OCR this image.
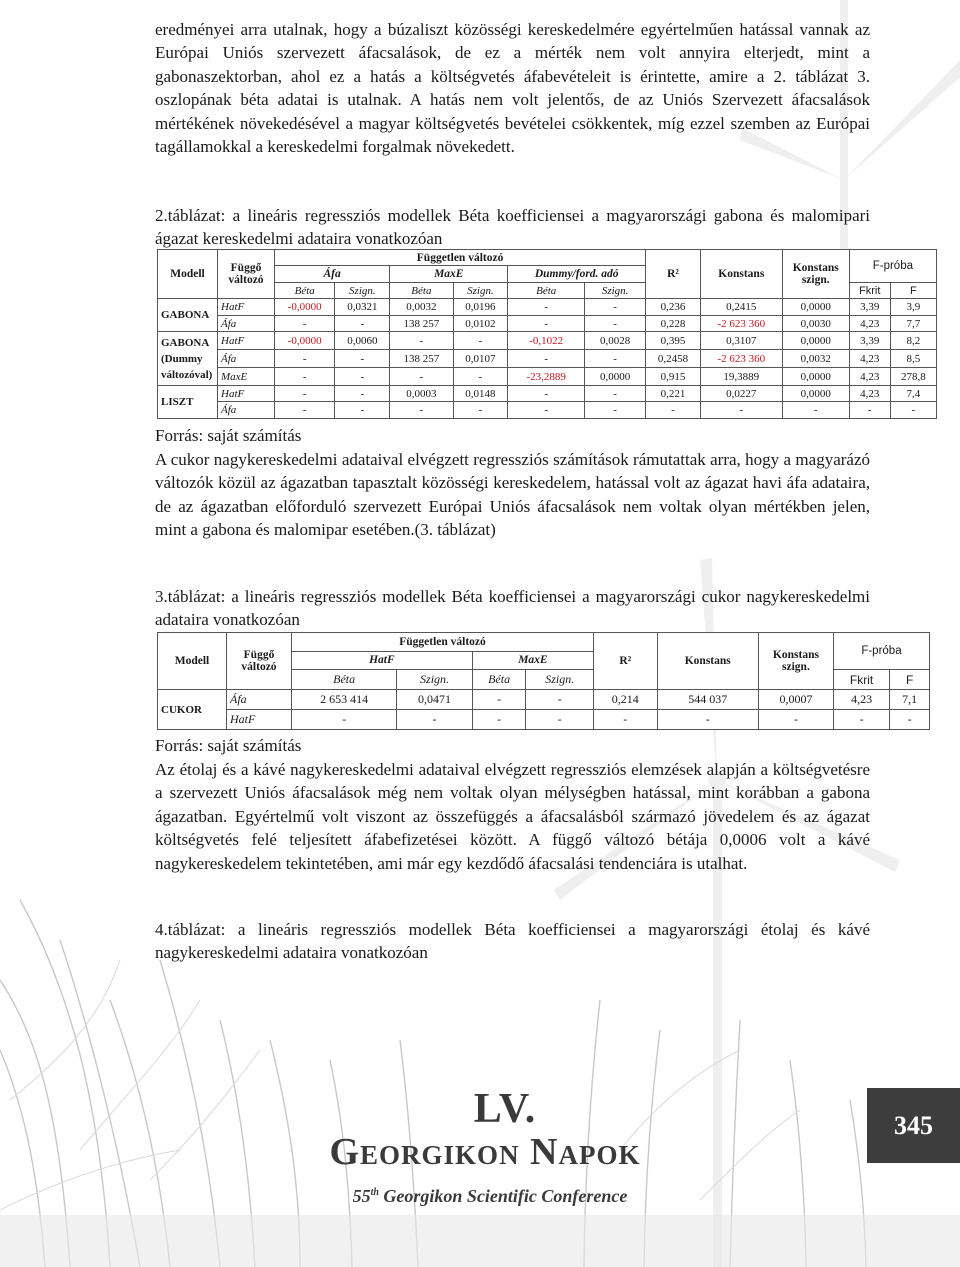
eredményei arra utalnak, hogy a búzaliszt közösségi kereskedelmére egyértelműen hatással vannak az Európai Uniós szervezett áfacsalások, de ez a mérték nem volt annyira elterjedt, mint a gabonaszektorban, ahol ez a hatás a költségvetés áfabevételeit is érintette, amire a 2. táblázat 3. oszlopának béta adatai is utalnak. A hatás nem volt jelentős, de az Uniós Szervezett áfacsalások mértékének növekedésével a magyar költségvetés bevételei csökkentek, míg ezzel szemben az Európai tagállamokkal a kereskedelmi forgalmak növekedett.

2.táblázat: a lineáris regressziós modellek Béta koefficiensei a magyarországi gabona és malomipari ágazat kereskedelmi adataira vonatkozóan

Modell	Függő változó	Független változó						R²	Konstans	Konstans szign.	F-próba	
		Áfa		MaxE		Dummy/ford. adó						
		Béta	Szign.	Béta	Szign.	Béta	Szign.				Fkrit	F
GABONA	HatF	-0,0000	0,0321	0,0032	0,0196	-	-	0,236	0,2415	0,0000	3,39	3,9
	Áfa	-	-	138 257	0,0102	-	-	0,228	-2 623 360	0,0030	4,23	7,7
GABONA (Dummy változóval)	HatF	-0,0000	0,0060	-	-	-0,1022	0,0028	0,395	0,3107	0,0000	3,39	8,2
	Áfa	-	-	138 257	0,0107	-	-	0,2458	-2 623 360	0,0032	4,23	8,5
	MaxE	-	-	-	-	-23,2889	0,0000	0,915	19,3889	0,0000	4,23	278,8
LISZT	HatF	-	-	0,0003	0,0148	-	-	0,221	0,0227	0,0000	4,23	7,4
	Áfa	-	-	-	-	-	-	-	-	-	-	-

Forrás: saját számítás

A cukor nagykereskedelmi adataival elvégzett regressziós számítások rámutattak arra, hogy a magyarázó változók közül az ágazatban tapasztalt közösségi kereskedelem, hatással volt az ágazat havi áfa adataira, de az ágazatban előforduló szervezett Európai Uniós áfacsalások nem voltak olyan mértékben jelen, mint a gabona és malomipar esetében.(3. táblázat)

3.táblázat: a lineáris regressziós modellek Béta koefficiensei a magyarországi cukor nagykereskedelmi adataira vonatkozóan

Modell	Függő változó	Független változó				R²	Konstans	Konstans szign.	F-próba	
		HatF		MaxE						
		Béta	Szign.	Béta	Szign.				Fkrit	F
CUKOR	Áfa	2 653 414	0,0471	-	-	0,214	544 037	0,0007	4,23	7,1
	HatF	-	-	-	-	-	-	-	-	-

Forrás: saját számítás

Az étolaj és a kávé nagykereskedelmi adataival elvégzett regressziós elemzések alapján a költségvetésre a szervezett Uniós áfacsalások még nem voltak olyan mélységben hatással, mint korábban a gabona ágazatban. Egyértelmű volt viszont az összefüggés a áfacsalásból származó jövedelem és az ágazat költségvetés felé teljesített áfabefizetései között. A függő változó bétája 0,0006 volt a kávé nagykereskedelem tekintetében, ami már egy kezdődő áfacsalási tendenciára is utalhat.

4.táblázat: a lineáris regressziós modellek Béta koefficiensei a magyarországi étolaj és kávé nagykereskedelmi adataira vonatkozóan

LV.
Georgikon Napok
55th Georgikon Scientific Conference
345
